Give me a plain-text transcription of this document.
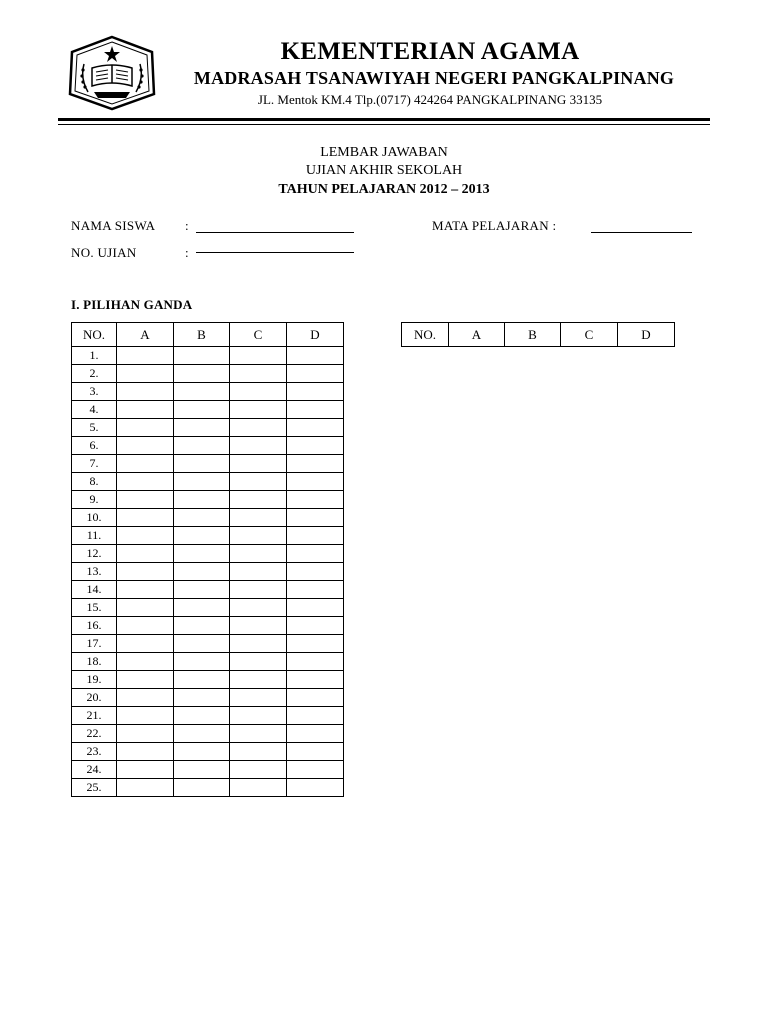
KEMENTERIAN AGAMA
MADRASAH TSANAWIYAH NEGERI PANGKALPINANG
JL. Mentok KM.4 Tlp.(0717) 424264 PANGKALPINANG 33135
LEMBAR JAWABAN
UJIAN AKHIR SEKOLAH
TAHUN PELAJARAN 2012 – 2013
NAMA SISWA :	MATA PELAJARAN :
NO. UJIAN	:
I. PILIHAN GANDA
NO.	A	B	C	D
1.				
2.				
3.				
4.				
5.				
6.				
7.				
8.				
9.				
10.				
11.				
12.				
13.				
14.				
15.				
16.				
17.				
18.				
19.				
20.				
21.				
22.				
23.				
24.				
25.				
NO.	A	B	C	D
